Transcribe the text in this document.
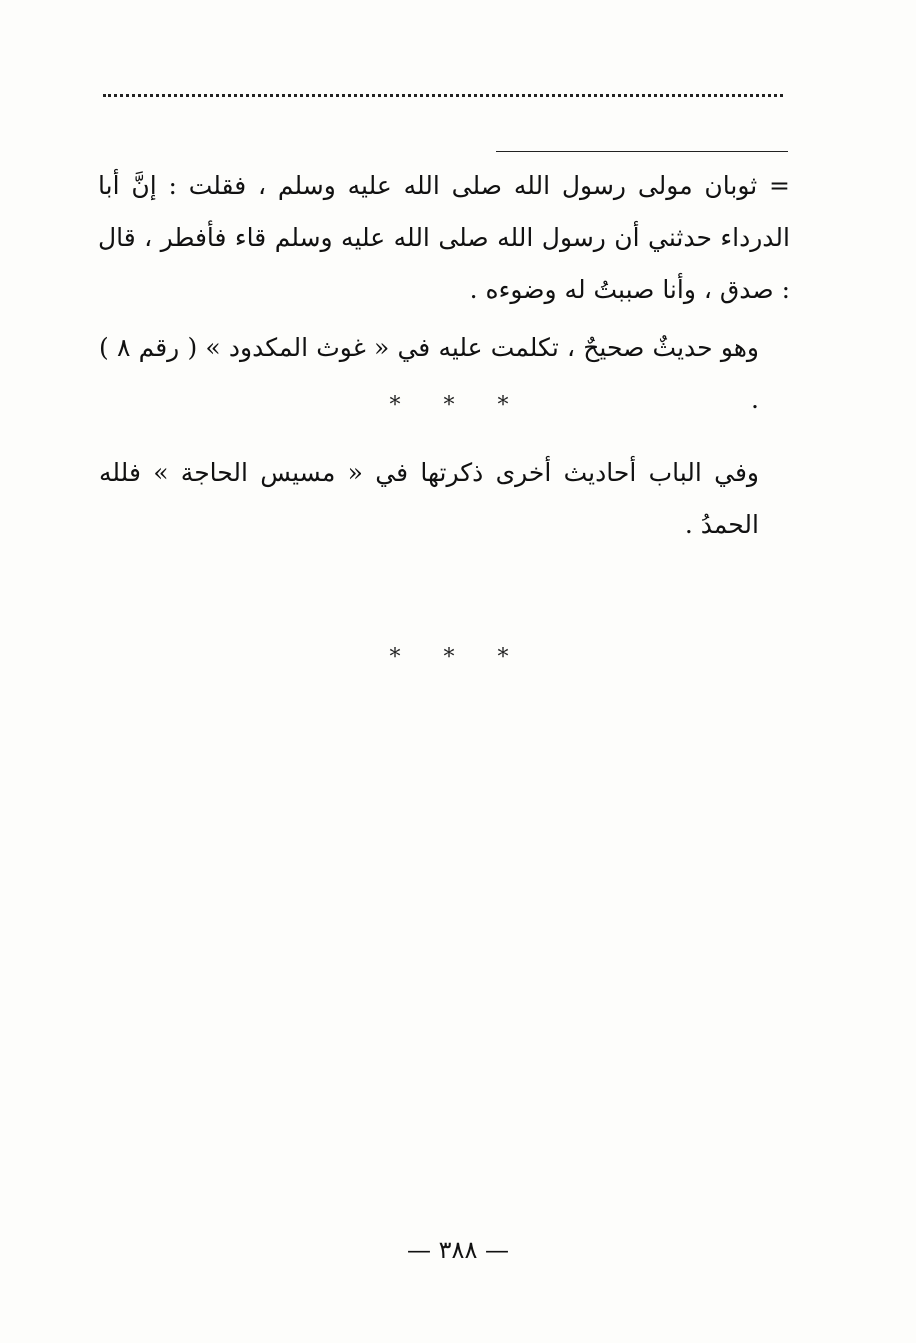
= ثوبان مولى رسول الله صلى الله عليه وسلم ، فقلت : إنَّ أبا الدرداء حدثني أن رسول الله صلى الله عليه وسلم قاء فأفطر ، قال : صدق ، وأنا صببتُ له وضوءه .
وهو حديثٌ صحيحٌ ، تكلمت عليه في « غوث المكدود » ( رقم ٨ ) .
* * *
وفي الباب أحاديث أخرى ذكرتها في « مسيس الحاجة » فلله الحمدُ .
* * *
— ٣٨٨ —
